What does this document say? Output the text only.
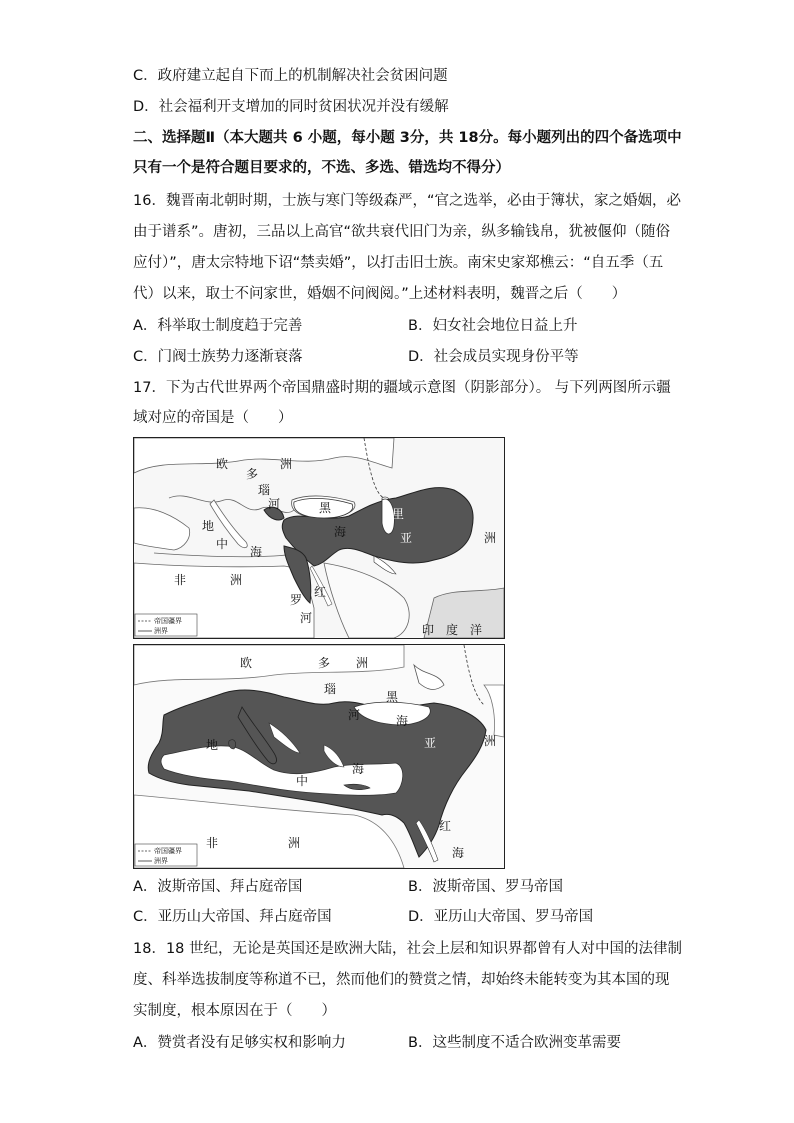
C．政府建立起自下而上的机制解决社会贫困问题
D．社会福利开支增加的同时贫困状况并没有缓解
二、选择题Ⅱ（本大题共 6 小题，每小题 3分，共 18分。每小题列出的四个备选项中
只有一个是符合题目要求的，不选、多选、错选均不得分）
16．魏晋南北朝时期，士族与寒门等级森严，“官之选举，必由于簿状，家之婚姻，必
由于谱系”。唐初，三品以上高官“欲共衰代旧门为亲，纵多输钱帛，犹被偃仰（随俗
应付）”，唐太宗特地下诏“禁卖婚”，以打击旧士族。南宋史家郑樵云：“自五季（五
代）以来，取士不问家世，婚姻不问阀阅。”上述材料表明，魏晋之后（　　）
A．科举取士制度趋于完善	B．妇女社会地位日益上升
C．门阀士族势力逐渐衰落	D．社会成员实现身份平等
17．下为古代世界两个帝国鼎盛时期的疆域示意图（阴影部分）。 与下列两图所示疆
域对应的帝国是（　　）
欧
多
洲
瑙
河
地
中
海
黑
海
里
亚	洲
非	洲
罗
红
河
印　度　洋
帝国疆界
洲界
欧	多 洲
瑙
河
地
中
海
黑
海
亚	洲
非	洲
红
海
帝国疆界
洲界
A．波斯帝国、拜占庭帝国	B．波斯帝国、罗马帝国
C．亚历山大帝国、拜占庭帝国	D．亚历山大帝国、罗马帝国
18．18 世纪，无论是英国还是欧洲大陆，社会上层和知识界都曾有人对中国的法律制
度、科举选拔制度等称道不已，然而他们的赞赏之情，却始终未能转变为其本国的现
实制度，根本原因在于（　　）
A．赞赏者没有足够实权和影响力	B．这些制度不适合欧洲变革需要
